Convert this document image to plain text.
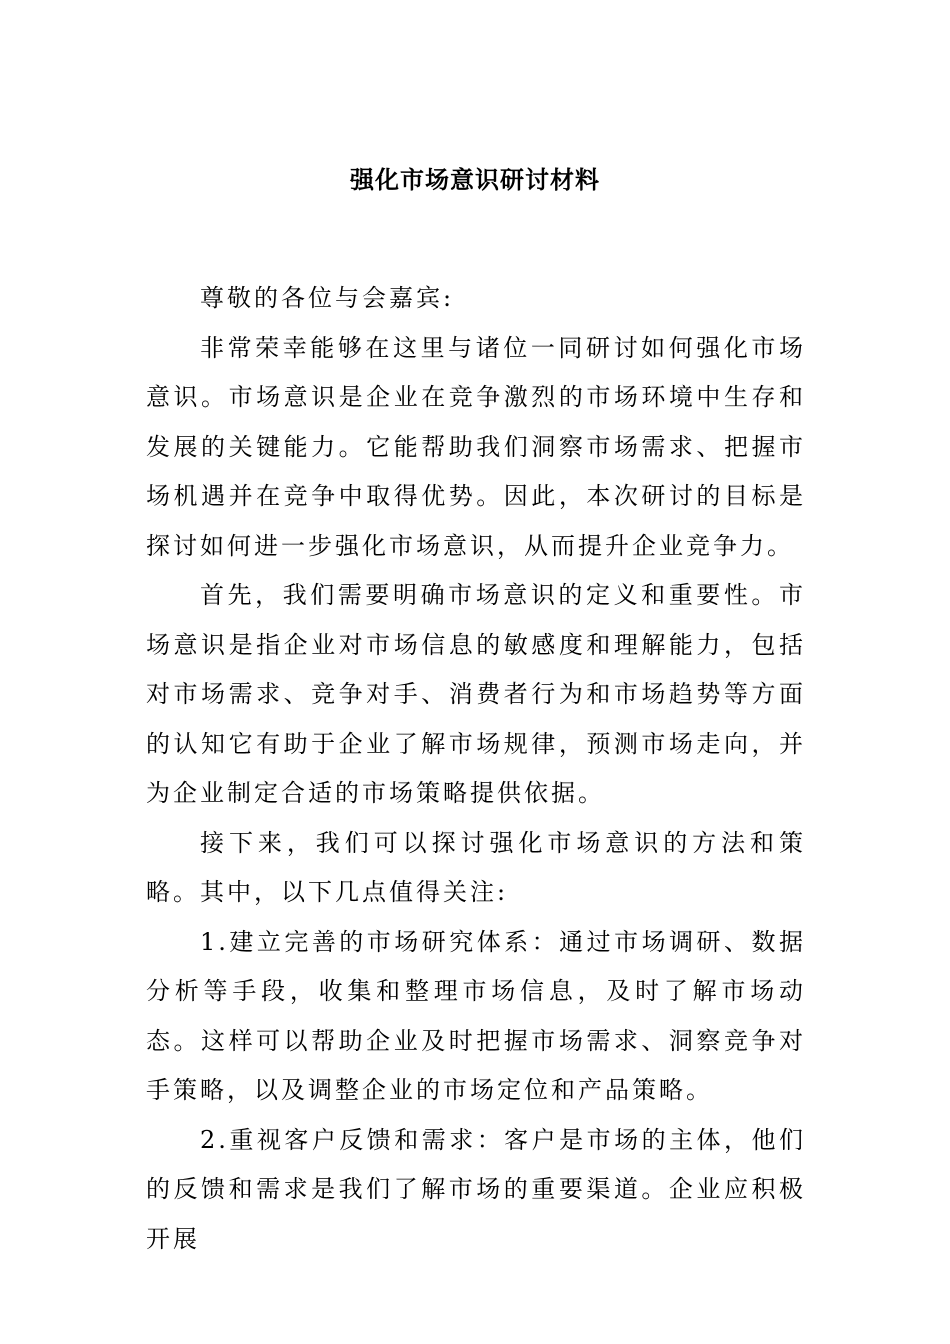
强化市场意识研讨材料

尊敬的各位与会嘉宾:

非常荣幸能够在这里与诸位一同研讨如何强化市场意识。市场意识是企业在竞争激烈的市场环境中生存和发展的关键能力。它能帮助我们洞察市场需求、把握市场机遇并在竞争中取得优势。因此，本次研讨的目标是探讨如何进一步强化市场意识，从而提升企业竞争力。

首先，我们需要明确市场意识的定义和重要性。市场意识是指企业对市场信息的敏感度和理解能力，包括对市场需求、竞争对手、消费者行为和市场趋势等方面的认知它有助于企业了解市场规律，预测市场走向，并为企业制定合适的市场策略提供依据。

接下来，我们可以探讨强化市场意识的方法和策略。其中，以下几点值得关注:

1.建立完善的市场研究体系：通过市场调研、数据分析等手段，收集和整理市场信息，及时了解市场动态。这样可以帮助企业及时把握市场需求、洞察竞争对手策略，以及调整企业的市场定位和产品策略。

2.重视客户反馈和需求：客户是市场的主体，他们的反馈和需求是我们了解市场的重要渠道。企业应积极开展
